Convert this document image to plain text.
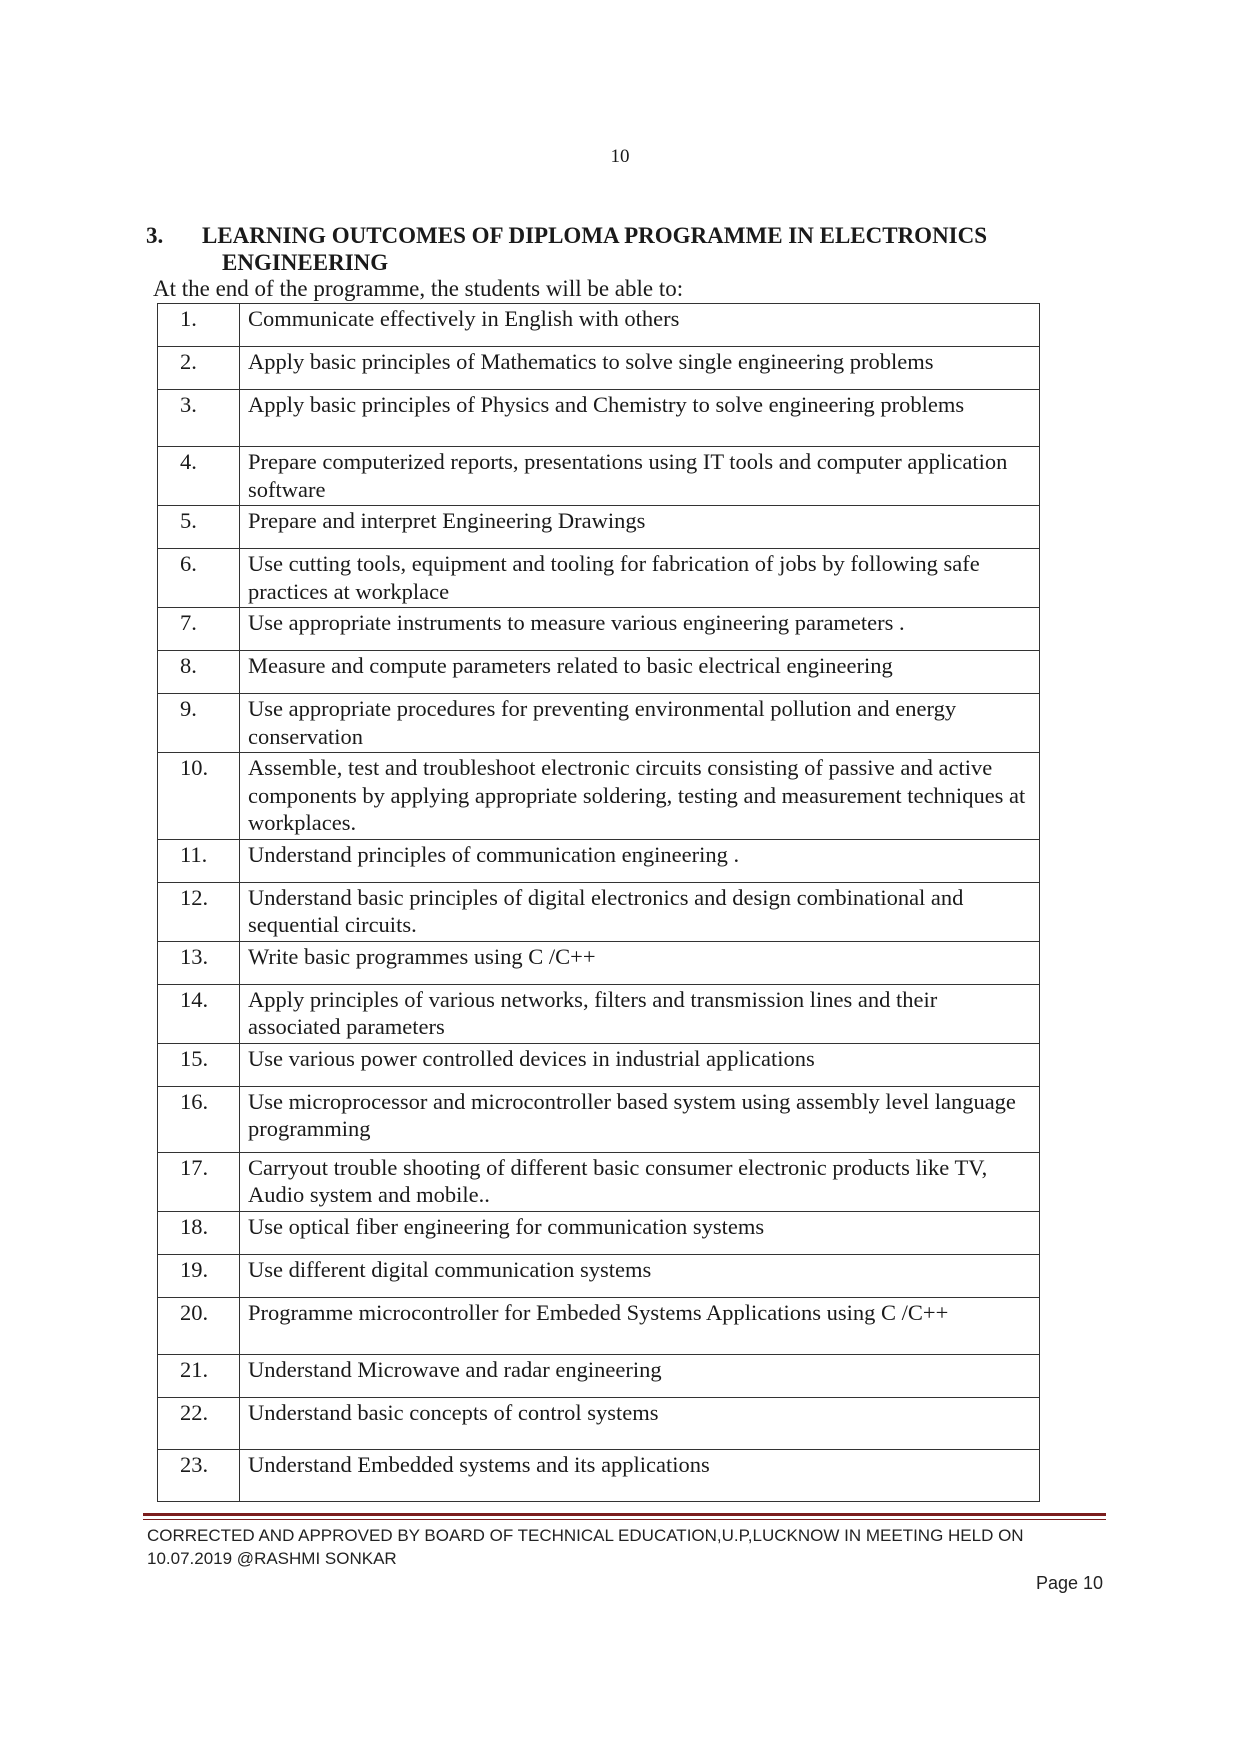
10
3. LEARNING OUTCOMES OF DIPLOMA PROGRAMME IN ELECTRONICS
ENGINEERING
At the end of the programme, the students will be able to:
1.	Communicate effectively in English with others
2.	Apply basic principles of Mathematics to solve single engineering problems
3.	Apply basic principles of Physics and Chemistry to solve engineering problems
4.	Prepare computerized reports, presentations using IT tools and computer application software
5.	Prepare and interpret Engineering Drawings
6.	Use cutting tools, equipment and tooling for fabrication of jobs by following safe practices at workplace
7.	Use appropriate instruments to measure various engineering parameters .
8.	Measure and compute parameters related to basic electrical engineering
9.	Use appropriate procedures for preventing environmental pollution and energy conservation
10.	Assemble, test and troubleshoot electronic circuits consisting of passive and active components by applying appropriate soldering, testing and measurement techniques at workplaces.
11.	Understand principles of communication engineering .
12.	Understand basic principles of digital electronics and design combinational and sequential circuits.
13.	Write basic programmes using C /C++
14.	Apply principles of various networks, filters and transmission lines and their associated parameters
15.	Use various power controlled devices in industrial applications
16.	Use microprocessor and microcontroller based system using assembly level language programming
17.	Carryout trouble shooting of different basic consumer electronic products like TV, Audio system and mobile..
18.	Use optical fiber engineering for communication systems
19.	Use different digital communication systems
20.	Programme microcontroller for Embeded Systems Applications using C /C++
21.	Understand Microwave and radar engineering
22.	Understand basic concepts of control systems
23.	Understand Embedded systems and its applications
CORRECTED AND APPROVED BY BOARD OF TECHNICAL EDUCATION,U.P,LUCKNOW IN MEETING HELD ON
10.07.2019 @RASHMI SONKAR
Page 10
